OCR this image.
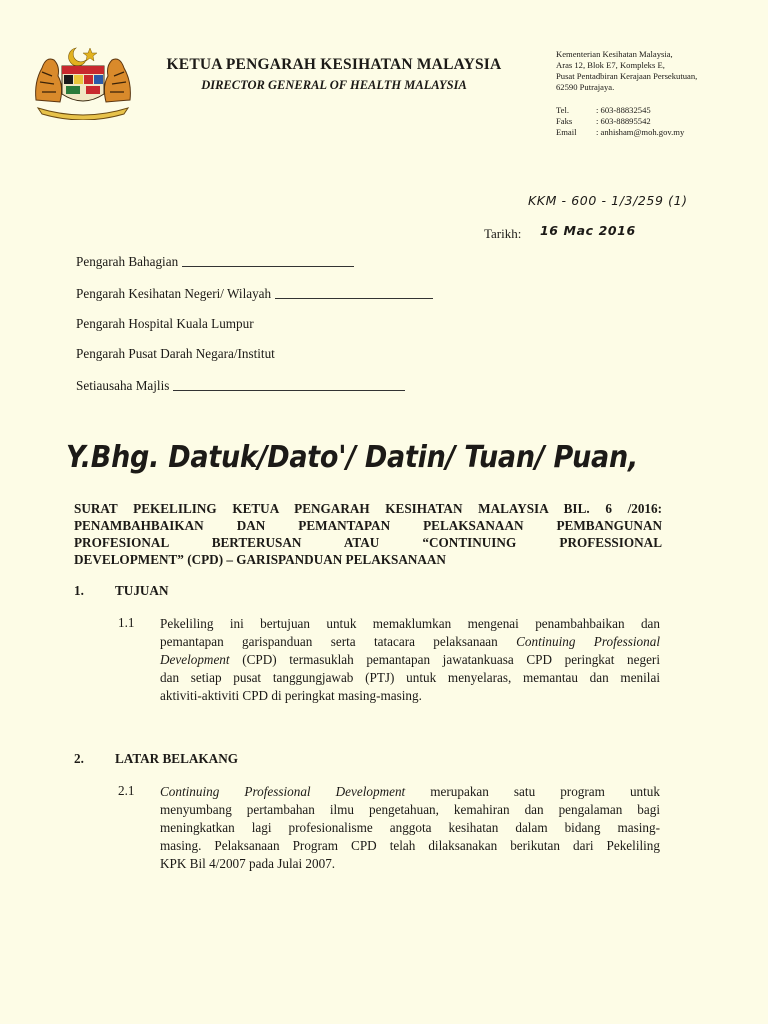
KETUA PENGARAH KESIHATAN MALAYSIA
DIRECTOR GENERAL OF HEALTH MALAYSIA
Kementerian Kesihatan Malaysia,
Aras 12, Blok E7, Kompleks E,
Pusat Pentadbiran Kerajaan Persekutuan,
62590 Putrajaya.
Tel.	: 603-88832545
Faks	: 603-88895542
Email	: anhisham@moh.gov.my
KKM - 600 - 1/3/259 (1)
Tarikh: 16 Mac 2016
Pengarah Bahagian
Pengarah Kesihatan Negeri/ Wilayah
Pengarah Hospital Kuala Lumpur
Pengarah Pusat Darah Negara/Institut
Setiausaha Majlis
Y.Bhg. Datuk/Dato'/ Datin/ Tuan/ Puan,
SURAT PEKELILING KETUA PENGARAH KESIHATAN MALAYSIA BIL. 6 /2016:
PENAMBAHBAIKAN DAN PEMANTAPAN PELAKSANAAN PEMBANGUNAN
PROFESIONAL BERTERUSAN ATAU “CONTINUING PROFESSIONAL
DEVELOPMENT” (CPD) – GARISPANDUAN PELAKSANAAN
1. TUJUAN
1.1 Pekeliling ini bertujuan untuk memaklumkan mengenai penambahbaikan dan
pemantapan garispanduan serta tatacara pelaksanaan Continuing Professional
Development (CPD) termasuklah pemantapan jawatankuasa CPD peringkat negeri
dan setiap pusat tanggungjawab (PTJ) untuk menyelaras, memantau dan menilai
aktiviti-aktiviti CPD di peringkat masing-masing.
2. LATAR BELAKANG
2.1 Continuing Professional Development merupakan satu program untuk
menyumbang pertambahan ilmu pengetahuan, kemahiran dan pengalaman bagi
meningkatkan lagi profesionalisme anggota kesihatan dalam bidang masing-
masing. Pelaksanaan Program CPD telah dilaksanakan berikutan dari Pekeliling
KPK Bil 4/2007 pada Julai 2007.
